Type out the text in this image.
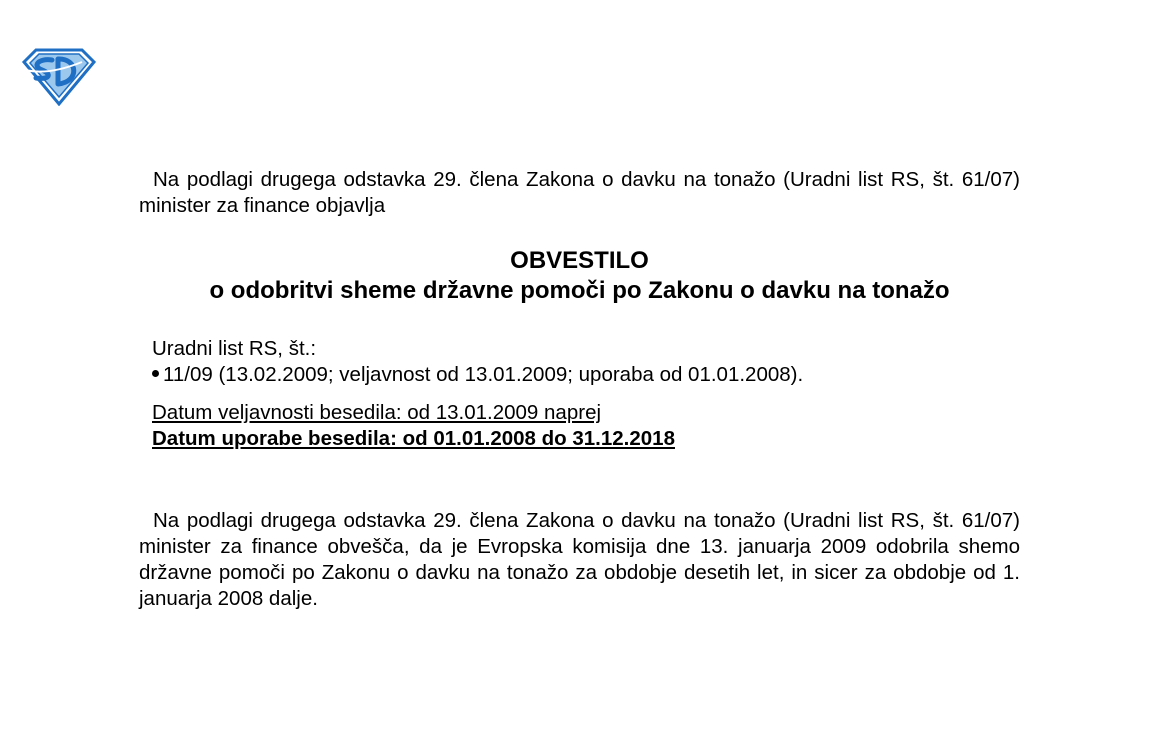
Na podlagi drugega odstavka 29. člena Zakona o davku na tonažo (Uradni list RS, št. 61/07) minister za finance objavlja

OBVESTILO
o odobritvi sheme državne pomoči po Zakonu o davku na tonažo
Uradni list RS, št.:
11/09 (13.02.2009; veljavnost od 13.01.2009; uporaba od 01.01.2008).
Datum veljavnosti besedila: od 13.01.2009 naprej
Datum uporabe besedila: od 01.01.2008 do 31.12.2018

Na podlagi drugega odstavka 29. člena Zakona o davku na tonažo (Uradni list RS, št. 61/07) minister za finance obvešča, da je Evropska komisija dne 13. januarja 2009 odobrila shemo državne pomoči po Zakonu o davku na tonažo za obdobje desetih let, in sicer za obdobje od 1. januarja 2008 dalje.
